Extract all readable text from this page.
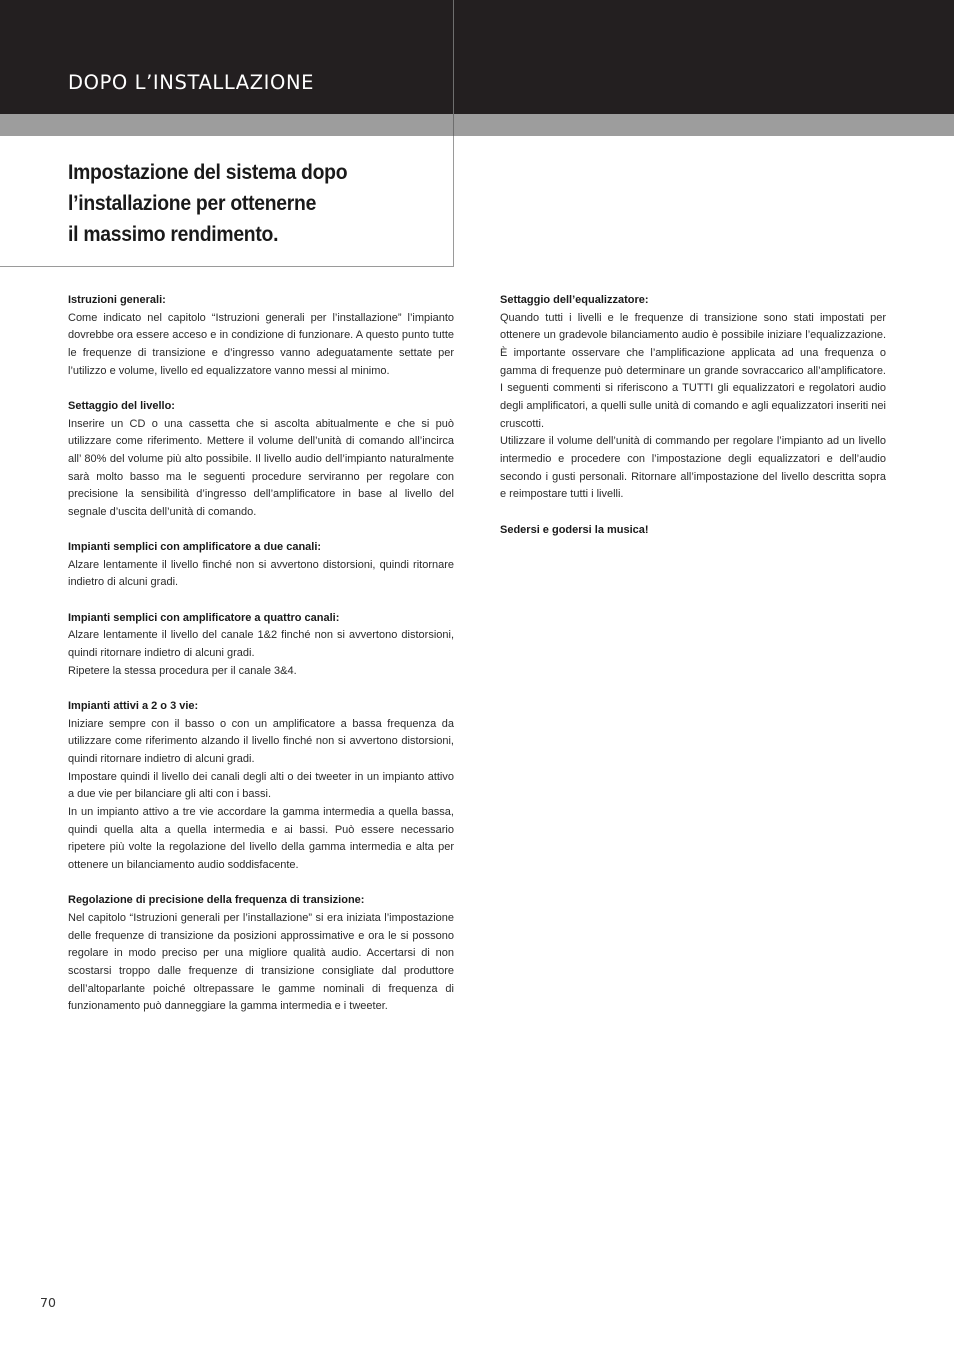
DOPO L’INSTALLAZIONE
Impostazione del sistema dopo
l’installazione per ottenerne
il massimo rendimento.
Istruzioni generali:

Come indicato nel capitolo “Istruzioni generali per l’installazione” l’impianto dovrebbe ora essere acceso e in condizione di funzionare. A questo punto tutte le frequenze di transizione e d’ingresso vanno adeguatamente settate per l’utilizzo e volume, livello ed equalizzatore vanno messi al minimo.

Settaggio del livello:

Inserire un CD o una cassetta che si ascolta abitualmente e che si può utilizzare come riferimento. Mettere il volume dell’unità di comando all’incirca all’ 80% del volume più alto possibile. Il livello audio dell’impianto naturalmente sarà molto basso ma le seguenti procedure serviranno per regolare con precisione la sensibilità d’ingresso dell’amplificatore in base al livello del segnale d’uscita dell’unità di comando.

Impianti semplici con amplificatore a due canali:

Alzare lentamente il livello finché non si avvertono distorsioni, quindi ritornare indietro di alcuni gradi.

Impianti semplici con amplificatore a quattro canali:

Alzare lentamente il livello del canale 1&2 finché non si avvertono distorsioni, quindi ritornare indietro di alcuni gradi.

Ripetere la stessa procedura per il canale 3&4.

Impianti attivi a 2 o 3 vie:

Iniziare sempre con il basso o con un amplificatore a bassa frequenza da utilizzare come riferimento alzando il livello finché non si avvertono distorsioni, quindi ritornare indietro di alcuni gradi.

Impostare quindi il livello dei canali degli alti o dei tweeter in un impianto attivo a due vie per bilanciare gli alti con i bassi.

In un impianto attivo a tre vie accordare la gamma intermedia a quella bassa, quindi quella alta a quella intermedia e ai bassi. Può essere necessario ripetere più volte la regolazione del livello della gamma intermedia e alta per ottenere un bilanciamento audio soddisfacente.

Regolazione di precisione della frequenza di transizione:

Nel capitolo “Istruzioni generali per l’installazione” si era iniziata l’impostazione delle frequenze di transizione da posizioni approssimative e ora le si possono regolare in modo preciso per una migliore qualità audio. Accertarsi di non scostarsi troppo dalle frequenze di transizione consigliate dal produttore dell’altoparlante poiché oltrepassare le gamme nominali di frequenza di funzionamento può danneggiare la gamma intermedia e i tweeter.

Settaggio dell’equalizzatore:

Quando tutti i livelli e le frequenze di transizione sono stati impostati per ottenere un gradevole bilanciamento audio è possibile iniziare l’equalizzazione. È importante osservare che l’amplificazione applicata ad una frequenza o gamma di frequenze può determinare un grande sovraccarico all’amplificatore. I seguenti commenti si riferiscono a TUTTI gli equalizzatori e regolatori audio degli amplificatori, a quelli sulle unità di comando e agli equalizzatori inseriti nei cruscotti.

Utilizzare il volume dell’unità di commando per regolare l’impianto ad un livello intermedio e procedere con l’impostazione degli equalizzatori e dell’audio secondo i gusti personali. Ritornare all’impostazione del livello descritta sopra e reimpostare tutti i livelli.

Sedersi e godersi la musica!

70
